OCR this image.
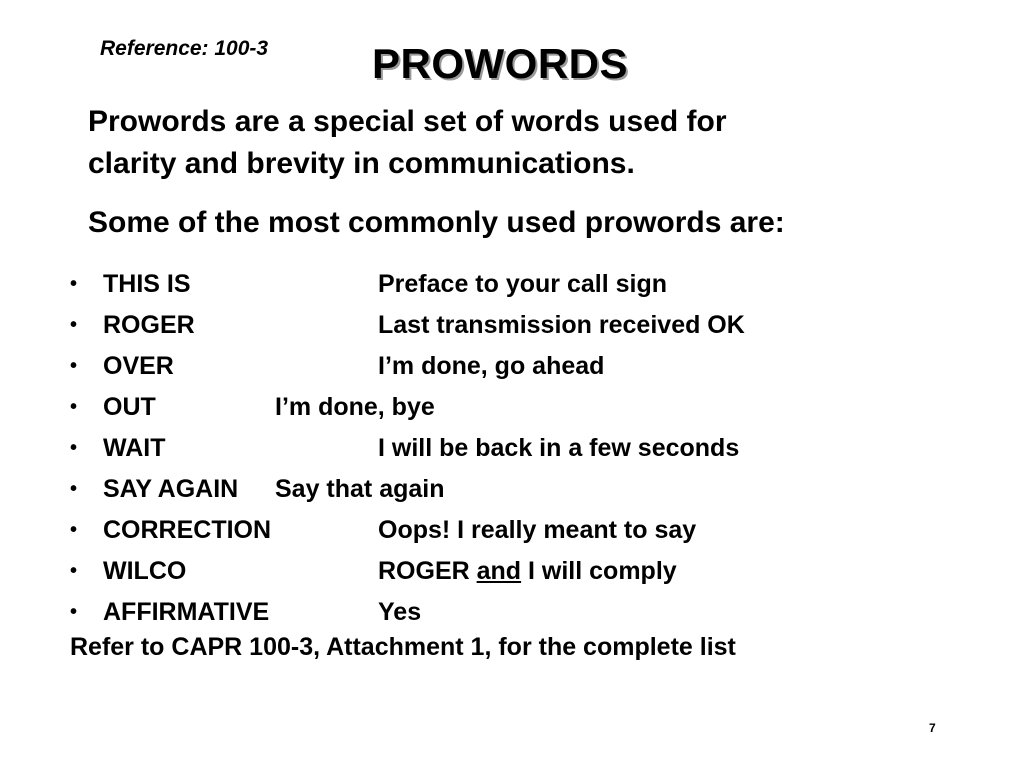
Reference: 100-3 PROWORDS
Prowords are a special set of words used for
clarity and brevity in communications.
Some of the most commonly used prowords are:
• THIS IS	Preface to your call sign
• ROGER	Last transmission received OK
• OVER	I’m done, go ahead
• OUT	I’m done, bye
• WAIT	I will be back in a few seconds
• SAY AGAIN Say that again
• CORRECTION	Oops! I really meant to say
• WILCO	ROGER and I will comply
• AFFIRMATIVE	Yes
Refer to CAPR 100-3, Attachment 1, for the complete list
7
